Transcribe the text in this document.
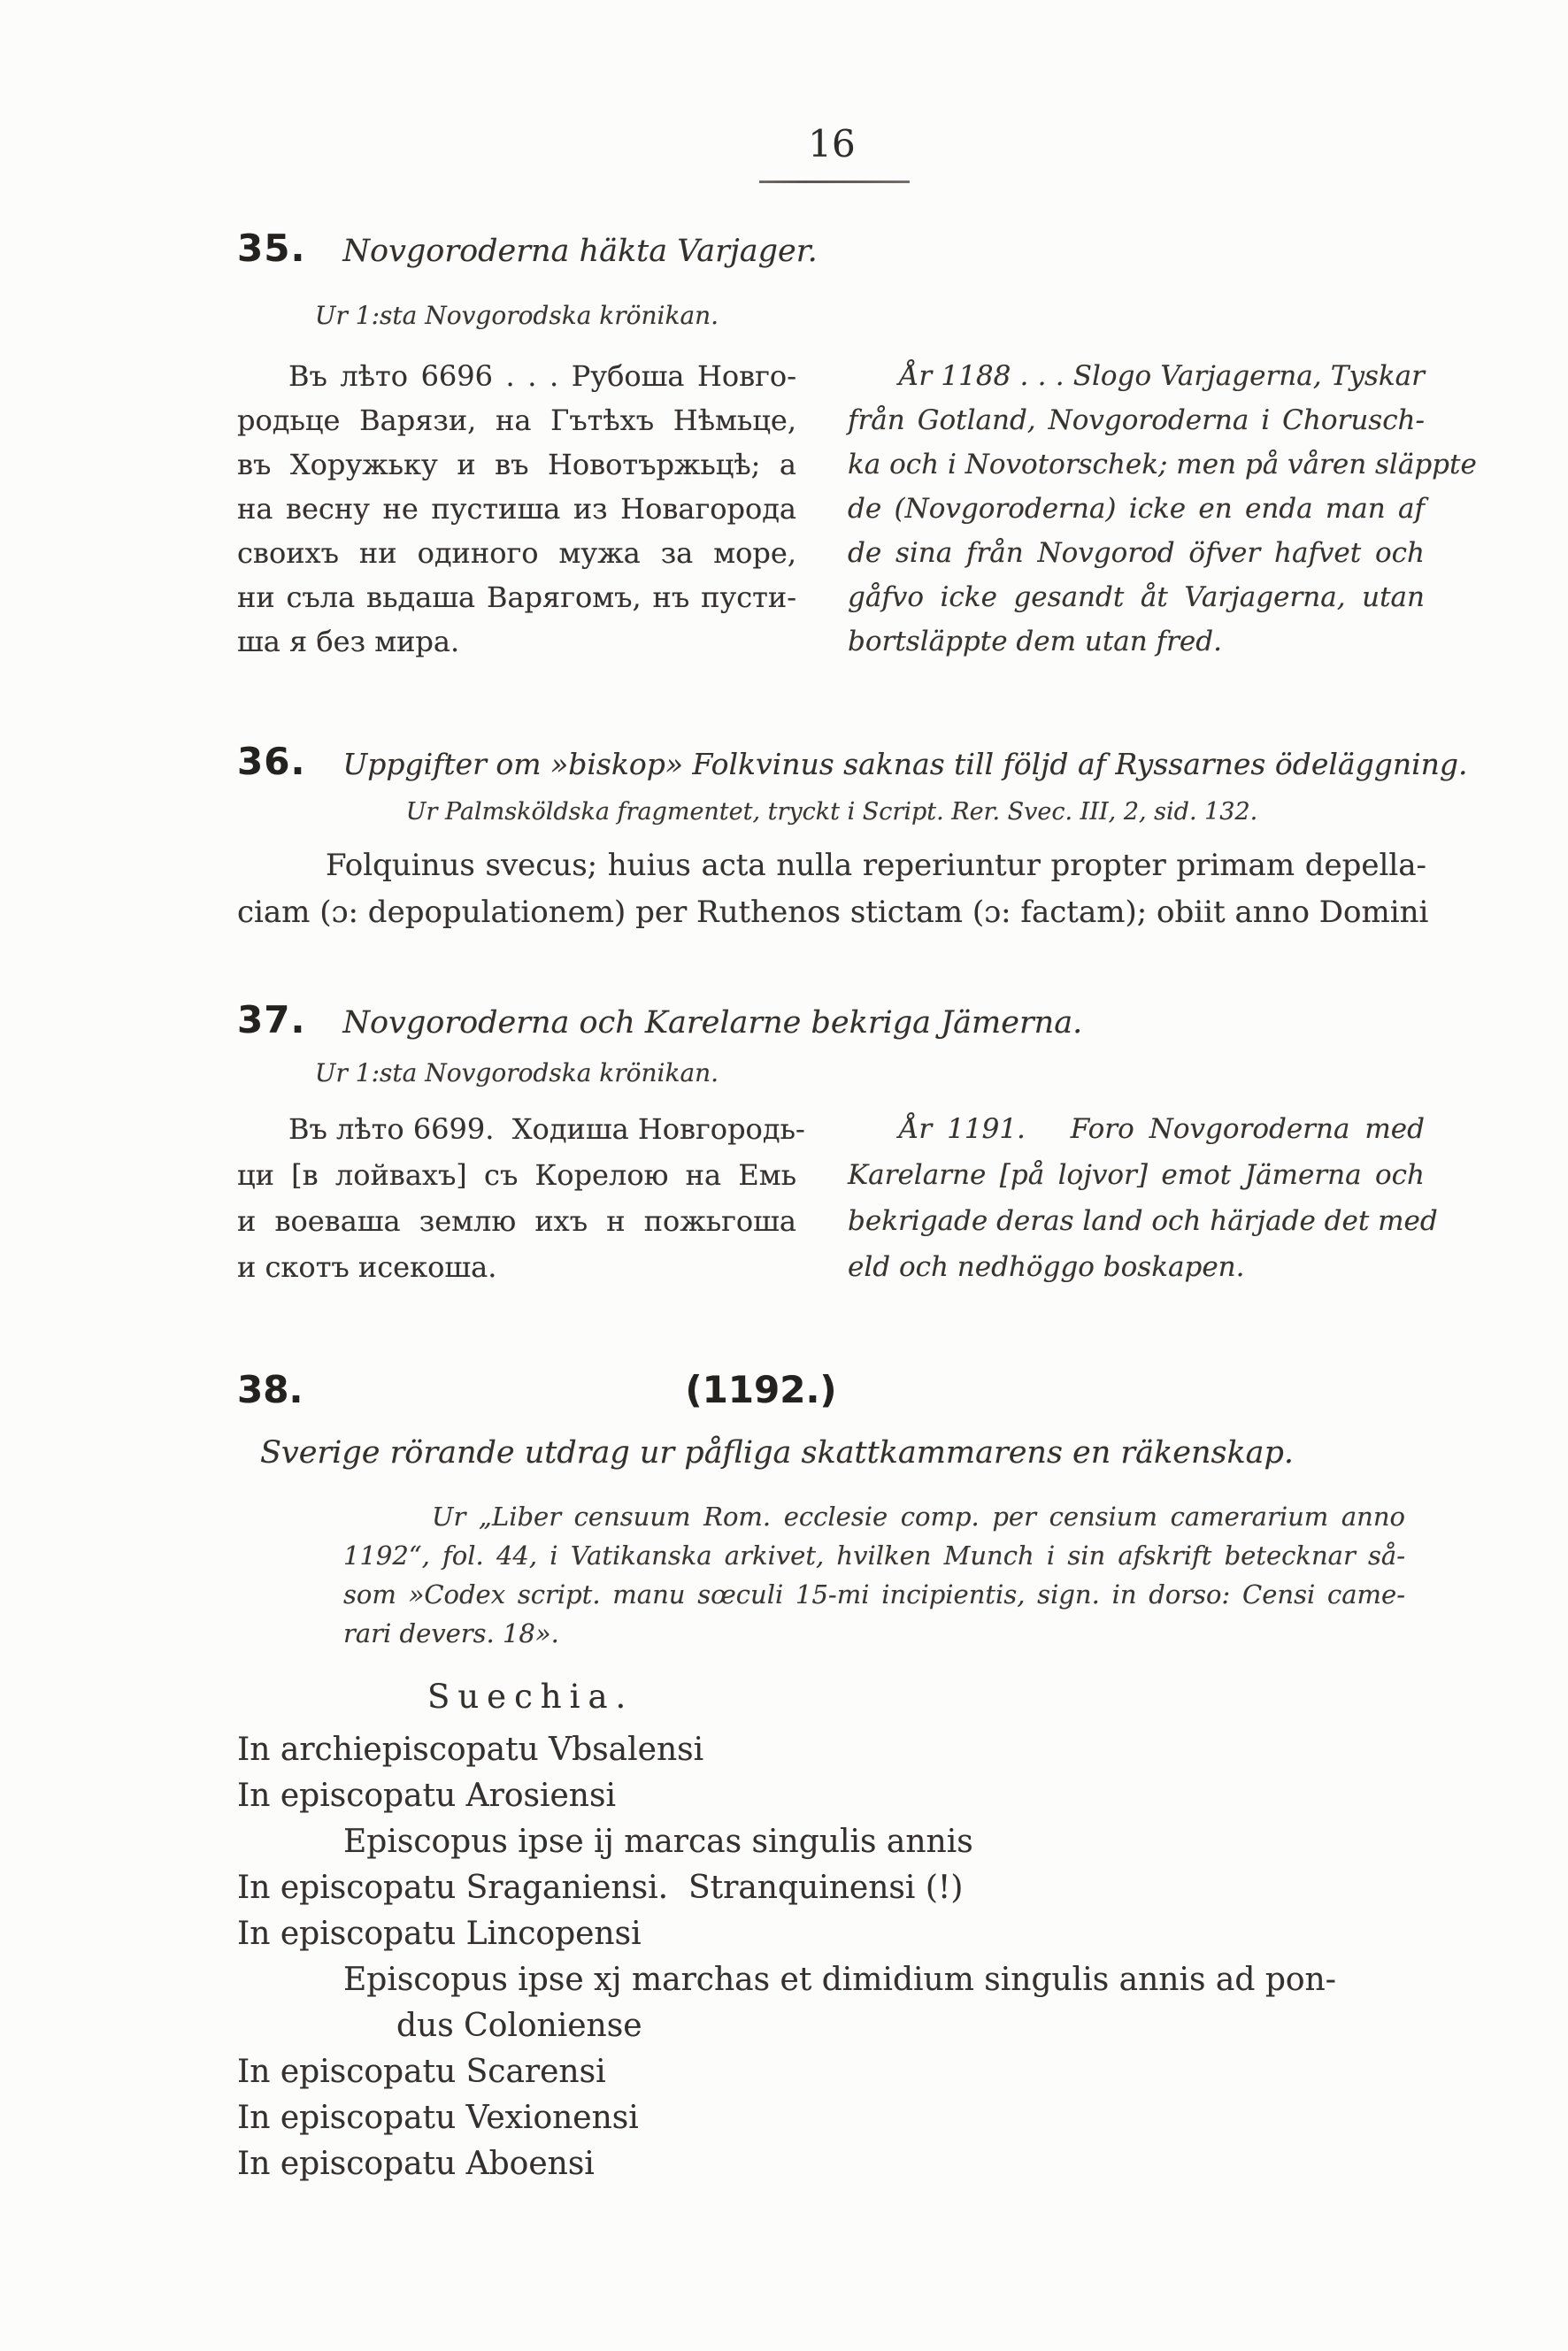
16
35. Novgoroderna häkta Varjager.
Ur 1:sta Novgorodska krönikan.
Въ лѣто 6696 . . . Рубоша Новго-
родьце Варязи, на Гътѣхъ Нѣмьце,
въ Хоружьку и въ Новотържьцѣ; а
на весну не пустиша из Новагорода
своихъ ни одиного мужа за море,
ни съла вьдаша Варягомъ, нъ пусти-
ша я без мира.
År 1188 . . . Slogo Varjagerna, Tyskar
från Gotland, Novgoroderna i Chorusch-
ka och i Novotorschek; men på våren släppte
de (Novgoroderna) icke en enda man af
de sina från Novgorod öfver hafvet och
gåfvo icke gesandt åt Varjagerna, utan
bortsläppte dem utan fred.
36. Uppgifter om »biskop» Folkvinus saknas till följd af Ryssarnes ödeläggning.
Ur Palmsköldska fragmentet, tryckt i Script. Rer. Svec. III, 2, sid. 132.
Folquinus svecus; huius acta nulla reperiuntur propter primam depella-
ciam (ɔ: depopulationem) per Ruthenos stictam (ɔ: factam); obiit anno Domini
37. Novgoroderna och Karelarne bekriga Jämerna.
Ur 1:sta Novgorodska krönikan.
Въ лѣто 6699.  Ходиша Новгородь-
ци [в лойвахъ] съ Корелою на Емь
и воеваша землю ихъ н пожьгоша
и скотъ исекоша.
År 1191.   Foro Novgoroderna med
Karelarne [på lojvor] emot Jämerna och
bekrigade deras land och härjade det med
eld och nedhöggo boskapen.
38.	(1192.)
Sverige rörande utdrag ur påfliga skattkammarens en räkenskap.
Ur „Liber censuum Rom. ecclesie comp. per censium camerarium anno
1192“, fol. 44, i Vatikanska arkivet, hvilken Munch i sin afskrift betecknar så-
som »Codex script. manu sœculi 15-mi incipientis, sign. in dorso: Censi came-
rari devers. 18».
Suechia.
In archiepiscopatu Vbsalensi
In episcopatu Arosiensi
Episcopus ipse ij marcas singulis annis
In episcopatu Sraganiensi.  Stranquinensi (!)
In episcopatu Lincopensi
Episcopus ipse xj marchas et dimidium singulis annis ad pon-
dus Coloniense
In episcopatu Scarensi
In episcopatu Vexionensi
In episcopatu Aboensi
